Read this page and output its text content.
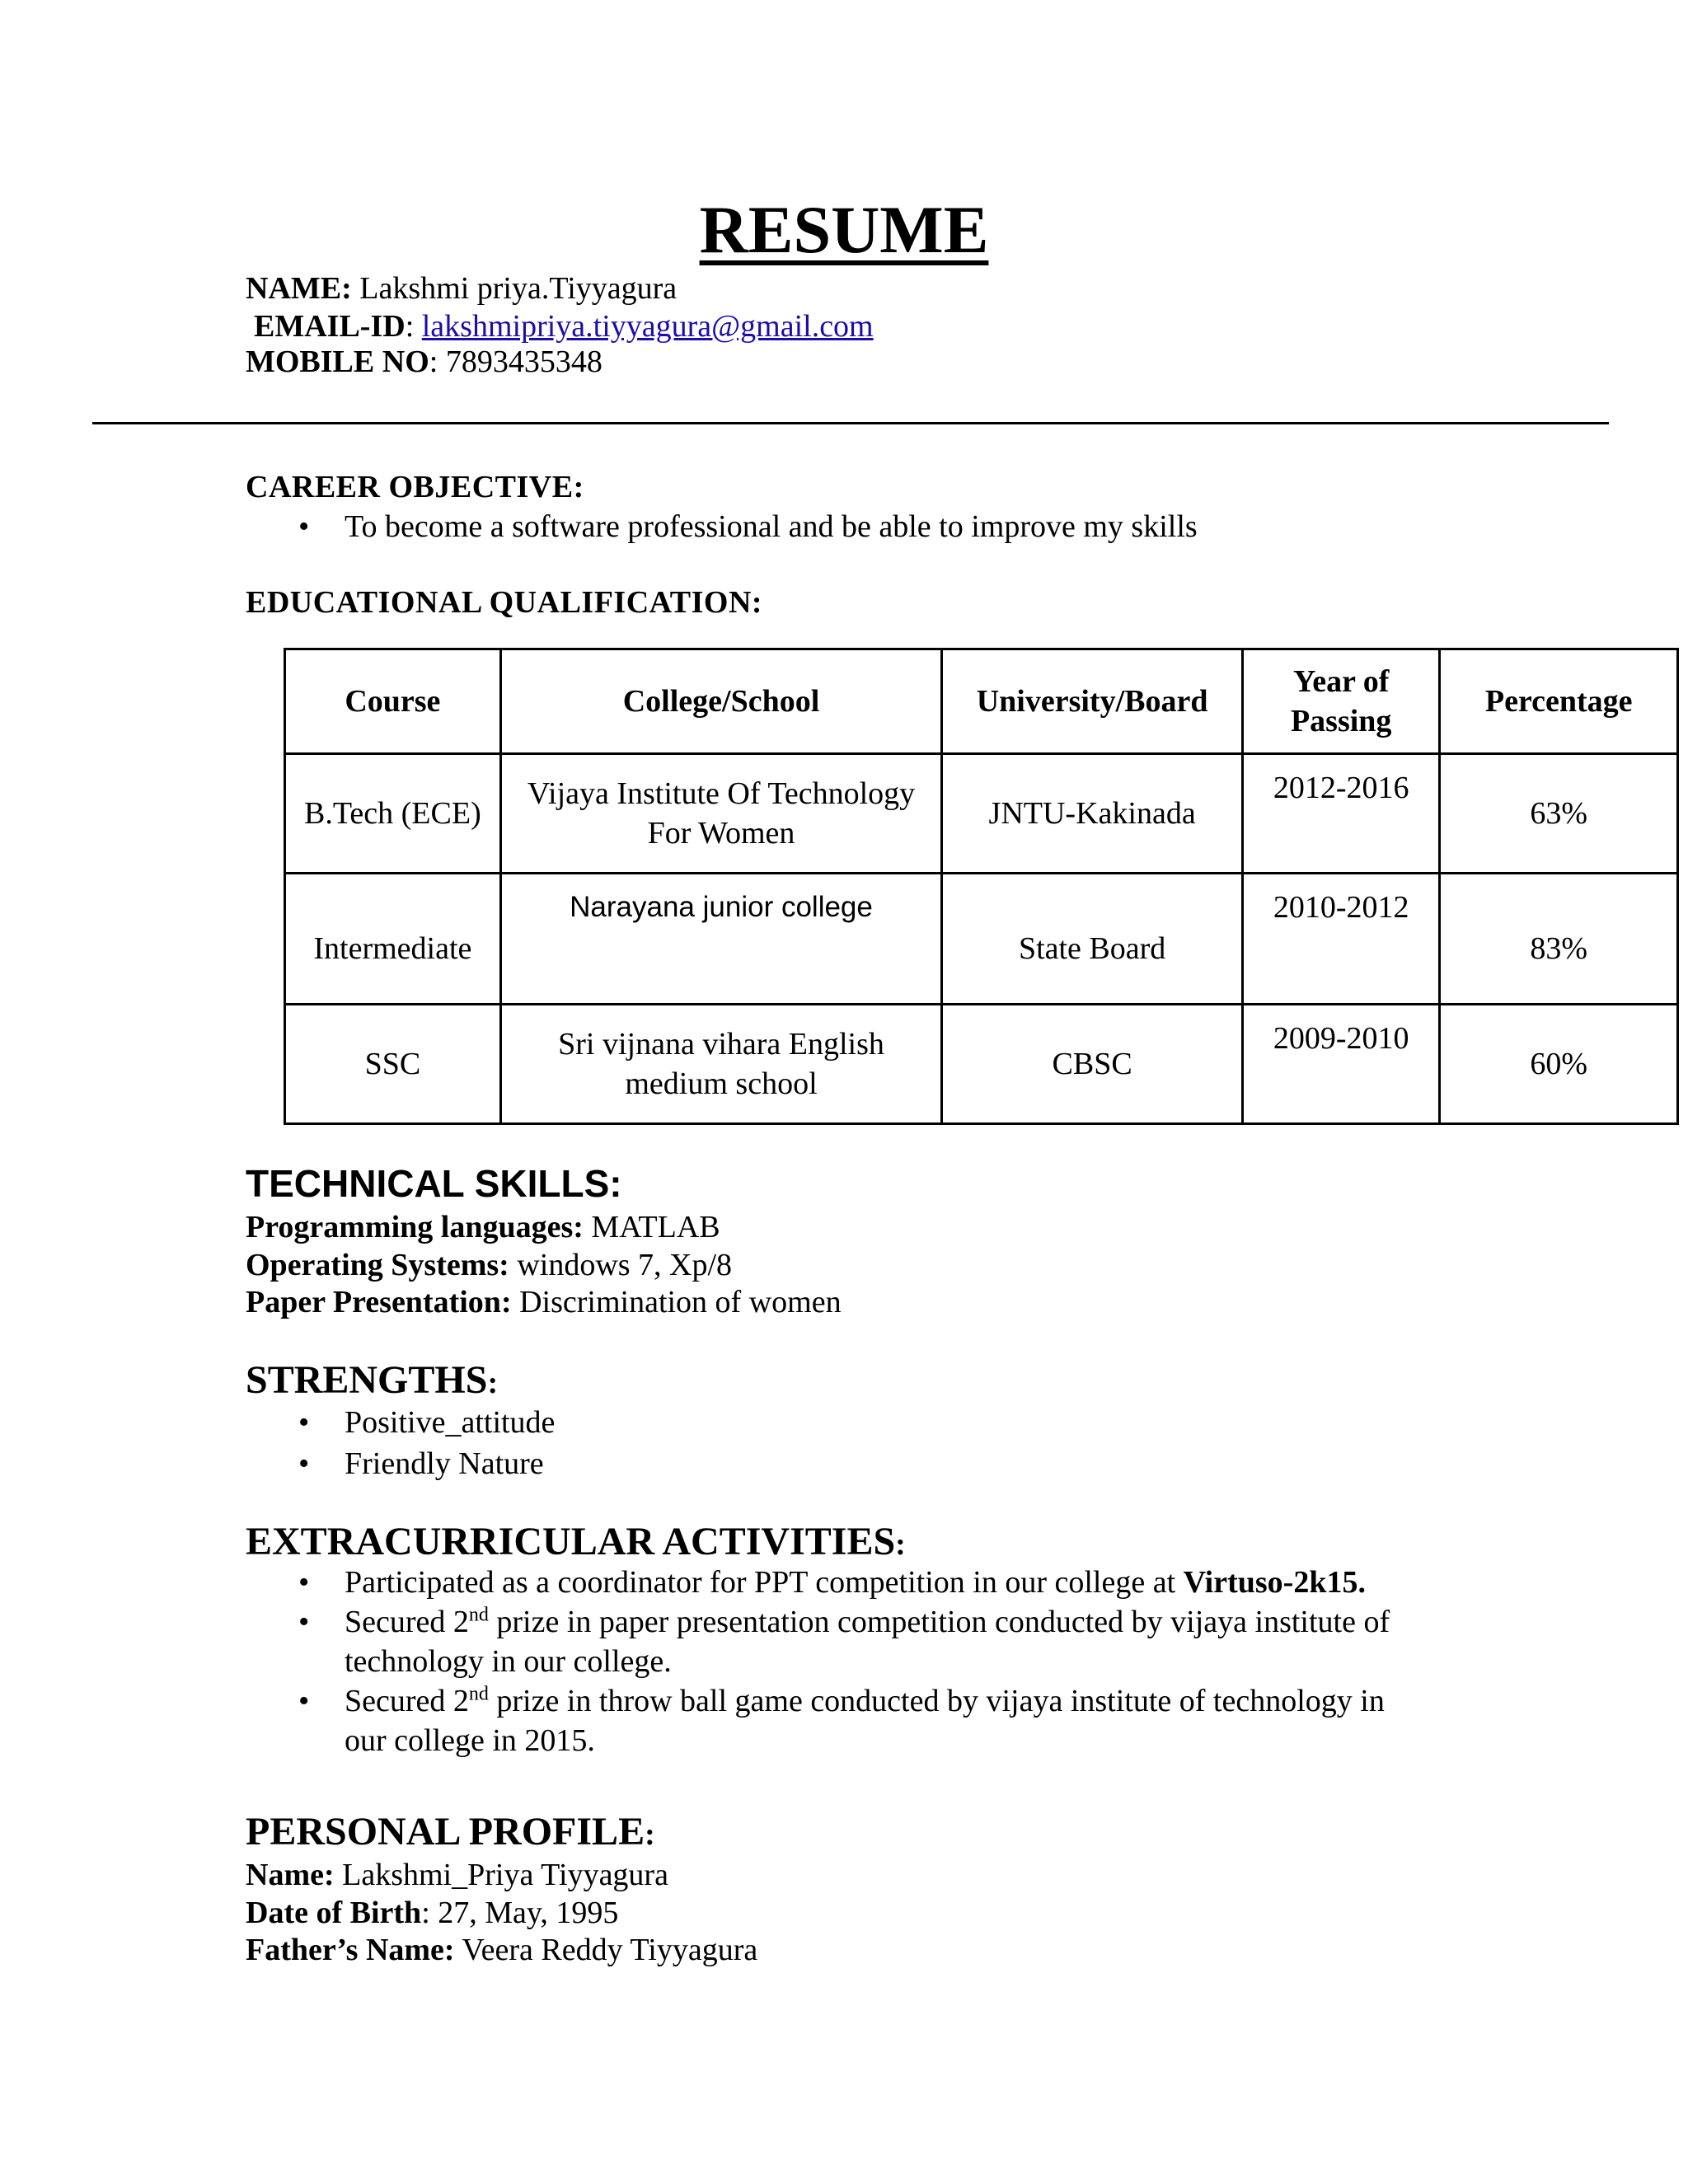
RESUME
NAME: Lakshmi priya.Tiyyagura
EMAIL-ID: lakshmipriya.tiyyagura@gmail.com
MOBILE NO: 7893435348
CAREER OBJECTIVE:
• To become a software professional and be able to improve my skills
EDUCATIONAL QUALIFICATION:
Course	College/School	University/Board	Year of Passing	Percentage
B.Tech (ECE)	Vijaya Institute Of Technology For Women	JNTU-Kakinada	2012-2016	63%
Intermediate	Narayana junior college	State Board	2010-2012	83%
SSC	Sri vijnana vihara English medium school	CBSC	2009-2010	60%
TECHNICAL SKILLS:
Programming languages: MATLAB
Operating Systems: windows 7, Xp/8
Paper Presentation: Discrimination of women
STRENGTHS:
• Positive_attitude
• Friendly Nature
EXTRACURRICULAR ACTIVITIES:
• Participated as a coordinator for PPT competition in our college at Virtuso-2k15.
• Secured 2nd prize in paper presentation competition conducted by vijaya institute of technology in our college.
• Secured 2nd prize in throw ball game conducted by vijaya institute of technology in our college in 2015.
PERSONAL PROFILE:
Name: Lakshmi_Priya Tiyyagura
Date of Birth: 27, May, 1995
Father’s Name: Veera Reddy Tiyyagura
